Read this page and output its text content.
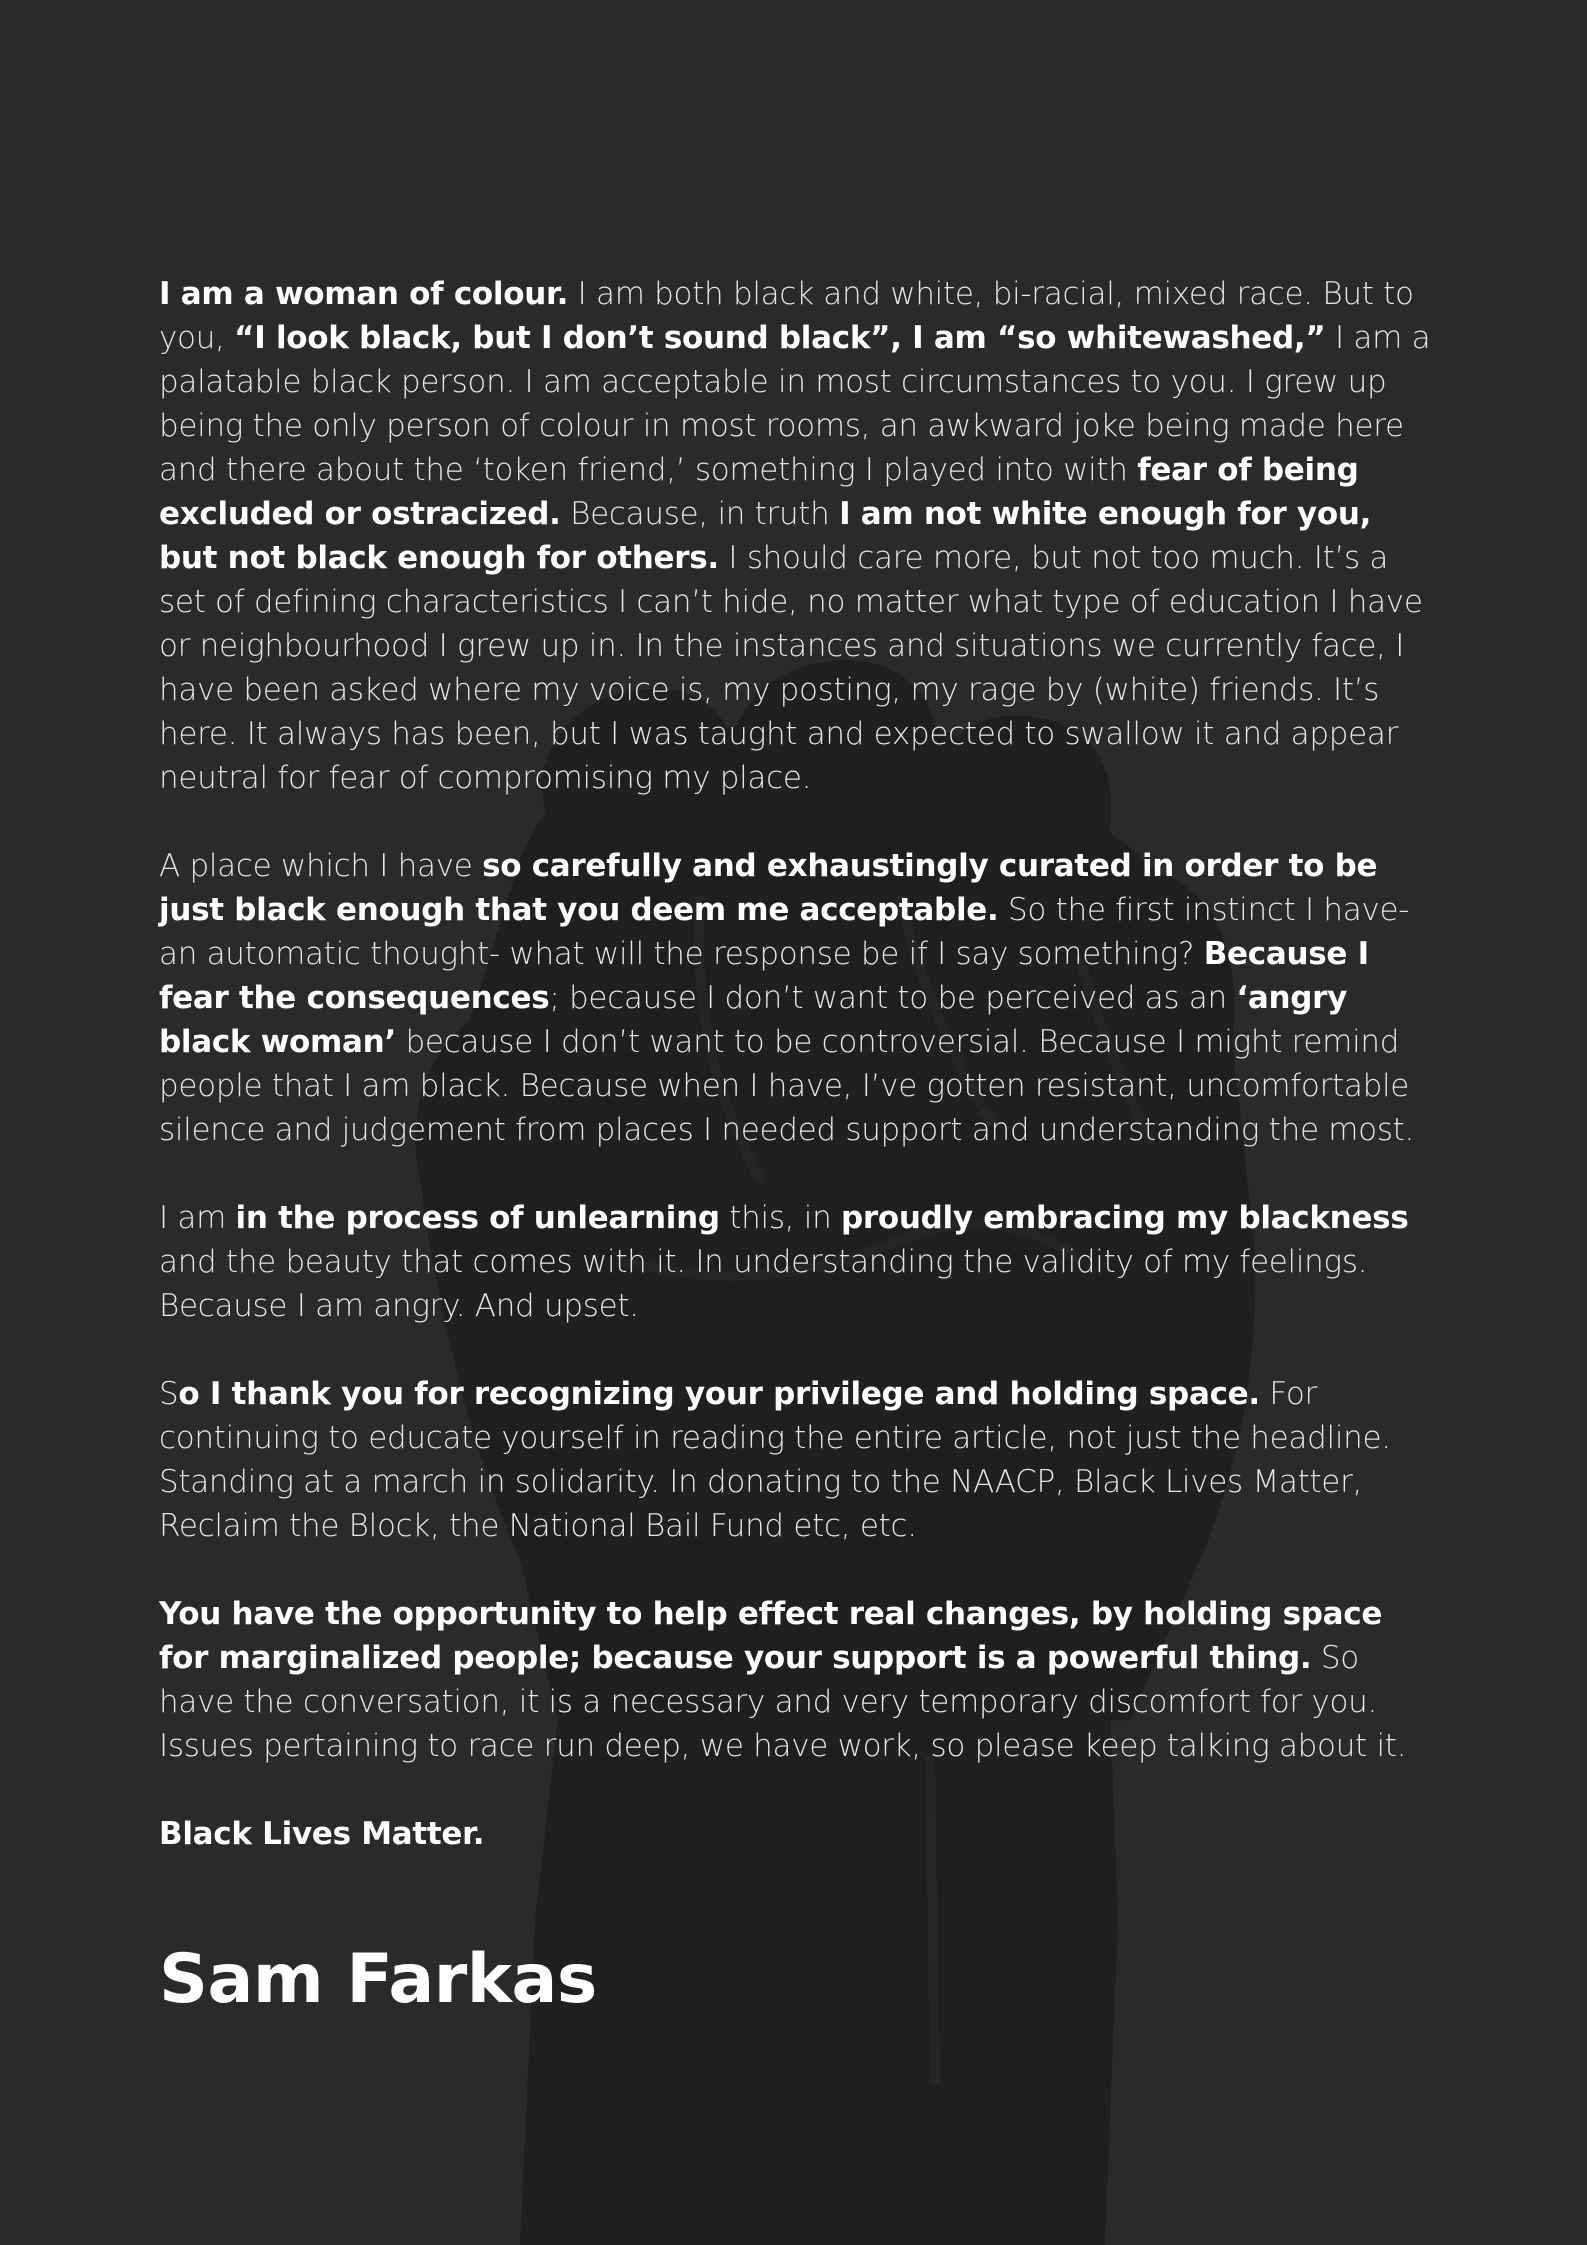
I am a woman of colour. I am both black and white, bi-racial, mixed race. But to you, “I look black, but I don’t sound black”, I am “so whitewashed,” I am a palatable black person. I am acceptable in most circumstances to you. I grew up being the only person of colour in most rooms, an awkward joke being made here and there about the ‘token friend,’ something I played into with fear of being excluded or ostracized. Because, in truth I am not white enough for you, but not black enough for others. I should care more, but not too much. It’s a set of defining characteristics I can’t hide, no matter what type of education I have or neighbourhood I grew up in. In the instances and situations we currently face, I have been asked where my voice is, my posting, my rage by (white) friends. It’s here. It always has been, but I was taught and expected to swallow it and appear neutral for fear of compromising my place.

A place which I have so carefully and exhaustingly curated in order to be just black enough that you deem me acceptable. So the first instinct I have- an automatic thought- what will the response be if I say something? Because I fear the consequences; because I don’t want to be perceived as an ‘angry black woman’ because I don’t want to be controversial. Because I might remind people that I am black. Because when I have, I’ve gotten resistant, uncomfortable silence and judgement from places I needed support and understanding the most.

I am in the process of unlearning this, in proudly embracing my blackness and the beauty that comes with it. In understanding the validity of my feelings. Because I am angry. And upset.

So I thank you for recognizing your privilege and holding space. For continuing to educate yourself in reading the entire article, not just the headline. Standing at a march in solidarity. In donating to the NAACP, Black Lives Matter, Reclaim the Block, the National Bail Fund etc, etc.

You have the opportunity to help effect real changes, by holding space for marginalized people; because your support is a powerful thing. So have the conversation, it is a necessary and very temporary discomfort for you. Issues pertaining to race run deep, we have work, so please keep talking about it.

Black Lives Matter.

Sam Farkas
